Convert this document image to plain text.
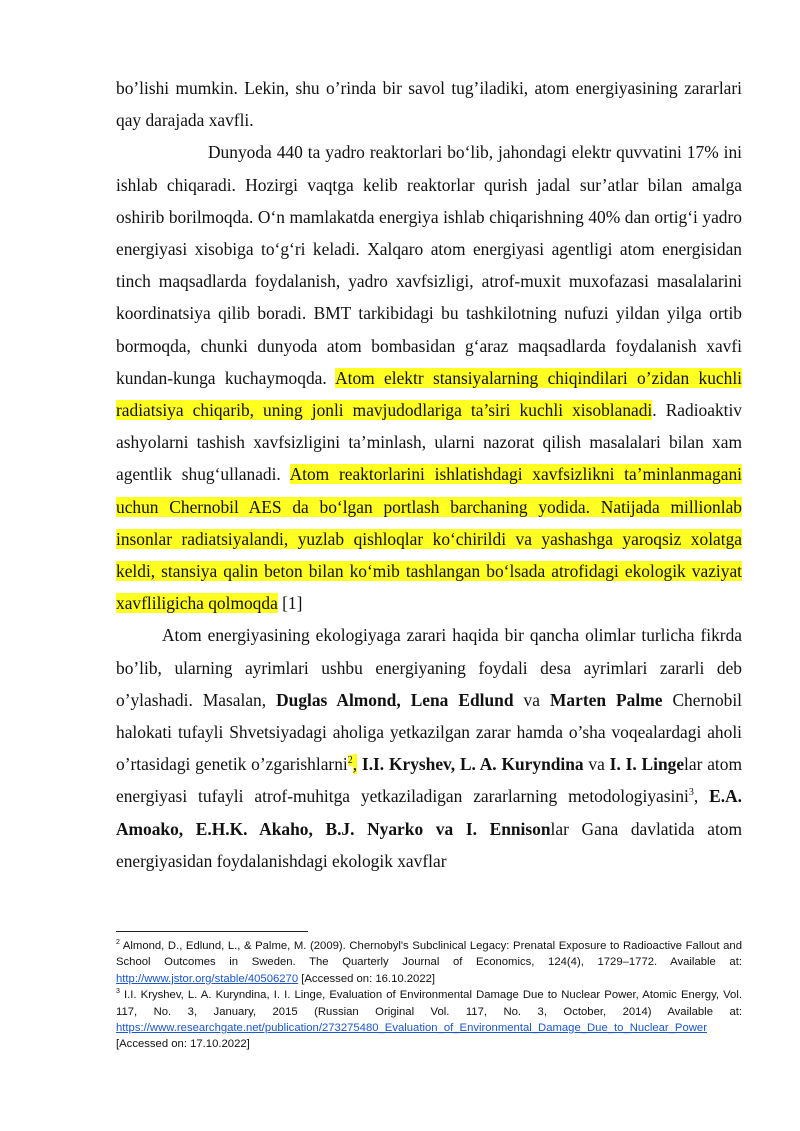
bo’lishi mumkin. Lekin, shu o’rinda bir savol tug’iladiki, atom energiyasining zararlari qay darajada xavfli.

Dunyoda 440 ta yadro reaktorlari bo‘lib, jahondagi elektr quvvatini 17% ini ishlab chiqaradi. Hozirgi vaqtga kelib reaktorlar qurish jadal sur’atlar bilan amalga oshirib borilmoqda. O‘n mamlakatda energiya ishlab chiqarishning 40% dan ortig‘i yadro energiyasi xisobiga to‘g‘ri keladi. Xalqaro atom energiyasi agentligi atom energisidan tinch maqsadlarda foydalanish, yadro xavfsizligi, atrof-muxit muxofazasi masalalarini koordinatsiya qilib boradi. BMT tarkibidagi bu tashkilotning nufuzi yildan yilga ortib bormoqda, chunki dunyoda atom bombasidan g‘araz maqsadlarda foydalanish xavfi kundan-kunga kuchaymoqda. Atom elektr stansiyalarning chiqindilari o’zidan kuchli radiatsiya chiqarib, uning jonli mavjudodlariga ta’siri kuchli xisoblanadi. Radioaktiv ashyolarni tashish xavfsizligini ta’minlash, ularni nazorat qilish masalalari bilan xam agentlik shug‘ullanadi. Atom reaktorlarini ishlatishdagi xavfsizlikni ta’minlanmagani uchun Chernobil AES da bo‘lgan portlash barchaning yodida. Natijada millionlab insonlar radiatsiyalandi, yuzlab qishloqlar ko‘chirildi va yashashga yaroqsiz xolatga keldi, stansiya qalin beton bilan ko‘mib tashlangan bo‘lsada atrofidagi ekologik vaziyat xavfliligicha qolmoqda [1]

Atom energiyasining ekologiyaga zarari haqida bir qancha olimlar turlicha fikrda bo’lib, ularning ayrimlari ushbu energiyaning foydali desa ayrimlari zararli deb o’ylashadi. Masalan, Duglas Almond, Lena Edlund va Marten Palme Chernobil halokati tufayli Shvetsiyadagi aholiga yetkazilgan zarar hamda o’sha voqealardagi aholi o’rtasidagi genetik o’zgarishlarni$^2$, I.I. Kryshev, L. A. Kuryndina va I. I. Lingelar atom energiyasi tufayli atrof-muhitga yetkaziladigan zararlarning metodologiyasini$^3$, E.A. Amoako, E.H.K. Akaho, B.J. Nyarko va I. Ennisonlar Gana davlatida atom energiyasidan foydalanishdagi ekologik xavflar

$^2$ Almond, D., Edlund, L., & Palme, M. (2009). Chernobyl's Subclinical Legacy: Prenatal Exposure to Radioactive Fallout and School Outcomes in Sweden. The Quarterly Journal of Economics, 124(4), 1729–1772. Available at: http://www.jstor.org/stable/40506270 [Accessed on: 16.10.2022]

$^3$ I.I. Kryshev, L. A. Kuryndina, I. I. Linge, Evaluation of Environmental Damage Due to Nuclear Power, Atomic Energy, Vol. 117, No. 3, January, 2015 (Russian Original Vol. 117, No. 3, October, 2014) Available at: https://www.researchgate.net/publication/273275480_Evaluation_of_Environmental_Damage_Due_to_Nuclear_Power [Accessed on: 17.10.2022]
